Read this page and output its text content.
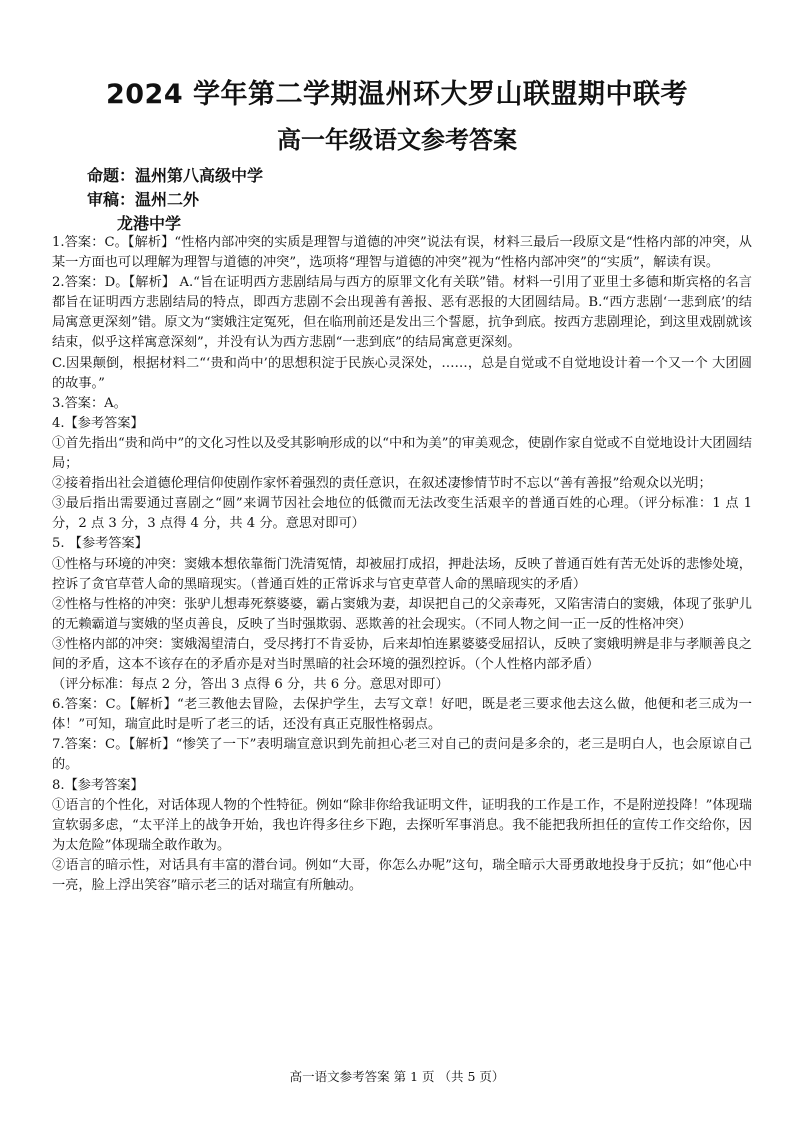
2024 学年第二学期温州环大罗山联盟期中联考
高一年级语文参考答案
命题：温州第八高级中学
审稿：温州二外
龙港中学

1.答案：C。【解析】“性格内部冲突的实质是理智与道德的冲突”说法有误，材料三最后一段原文是“性格内部的冲突，从某一方面也可以理解为理智与道德的冲突”，选项将“理智与道德的冲突”视为“性格内部冲突”的“实质”，解读有误。

2.答案：D。【解析】 A.“旨在证明西方悲剧结局与西方的原罪文化有关联”错。材料一引用了亚里士多德和斯宾格的名言都旨在证明西方悲剧结局的特点，即西方悲剧不会出现善有善报、恶有恶报的大团圆结局。B.“西方悲剧‘一悲到底’的结局寓意更深刻”错。原文为“窦娥注定冤死，但在临刑前还是发出三个誓愿，抗争到底。按西方悲剧理论，到这里戏剧就该结束，似乎这样寓意深刻”，并没有认为西方悲剧“一悲到底”的结局寓意更深刻。

C.因果颠倒，根据材料二“‘贵和尚中’的思想积淀于民族心灵深处，……，总是自觉或不自觉地设计着一个又一个 大团圆的故事。”

3.答案：A。

4.【参考答案】

①首先指出“贵和尚中”的文化习性以及受其影响形成的以“中和为美”的审美观念，使剧作家自觉或不自觉地设计大团圆结局；

②接着指出社会道德伦理信仰使剧作家怀着强烈的责任意识，在叙述凄惨情节时不忘以“善有善报”给观众以光明；

③最后指出需要通过喜剧之“圆”来调节因社会地位的低微而无法改变生活艰辛的普通百姓的心理。（评分标准：1 点 1 分，2 点 3 分，3 点得 4 分，共 4 分。意思对即可）

5. 【参考答案】

①性格与环境的冲突：窦娥本想依靠衙门洗清冤情，却被屈打成招，押赴法场，反映了普通百姓有苦无处诉的悲惨处境，控诉了贪官草菅人命的黑暗现实。（普通百姓的正常诉求与官吏草菅人命的黑暗现实的矛盾）

②性格与性格的冲突：张驴儿想毒死蔡婆婆，霸占窦娥为妻，却误把自己的父亲毒死，又陷害清白的窦娥，体现了张驴儿的无赖霸道与窦娥的坚贞善良，反映了当时强欺弱、恶欺善的社会现实。（不同人物之间一正一反的性格冲突）

③性格内部的冲突：窦娥渴望清白，受尽拷打不肯妥协，后来却怕连累婆婆受屈招认，反映了窦娥明辨是非与孝顺善良之间的矛盾，这本不该存在的矛盾亦是对当时黑暗的社会环境的强烈控诉。（个人性格内部矛盾）

（评分标准：每点 2 分，答出 3 点得 6 分，共 6 分。意思对即可）

6.答案：C。【解析】“老三教他去冒险，去保护学生，去写文章！好吧，既是老三要求他去这么做，他便和老三成为一体！”可知，瑞宣此时是听了老三的话，还没有真正克服性格弱点。

7.答案：C。【解析】“惨笑了一下”表明瑞宣意识到先前担心老三对自己的责问是多余的，老三是明白人，也会原谅自己的。

8.【参考答案】

①语言的个性化，对话体现人物的个性特征。例如“除非你给我证明文件，证明我的工作是工作，不是附逆投降！”体现瑞宣软弱多虑，“太平洋上的战争开始，我也许得多往乡下跑，去探听军事消息。我不能把我所担任的宣传工作交给你，因为太危险”体现瑞全敢作敢为。

②语言的暗示性，对话具有丰富的潜台词。例如“大哥，你怎么办呢”这句，瑞全暗示大哥勇敢地投身于反抗；如“他心中一亮，脸上浮出笑容”暗示老三的话对瑞宣有所触动。

高一语文参考答案 第 1 页 （共 5 页）
